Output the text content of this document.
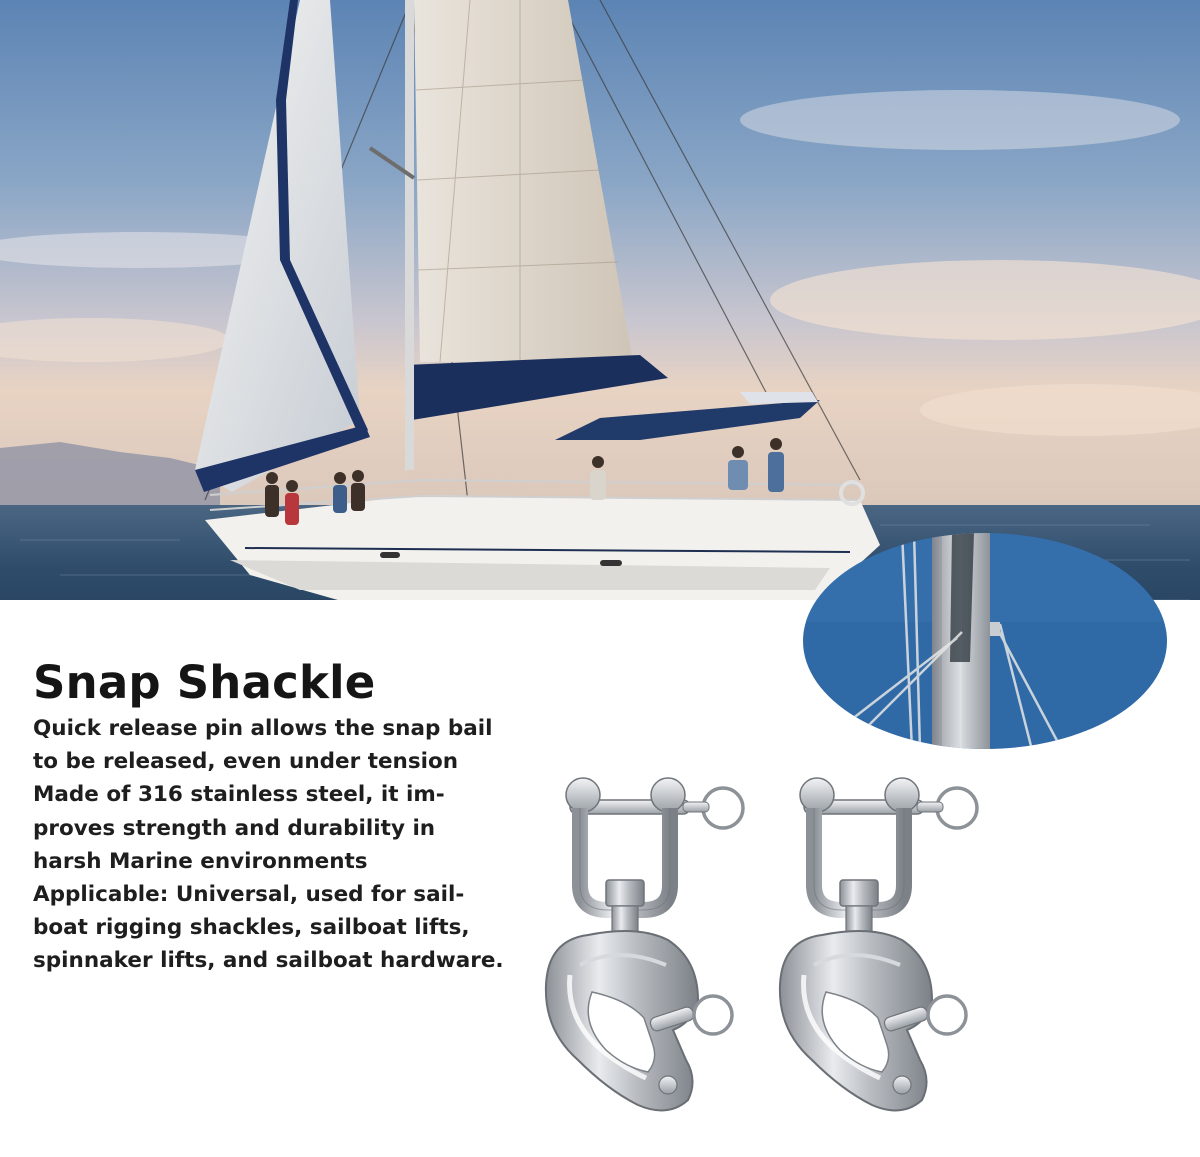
Snap Shackle
Quick release pin allows the snap bail
to be released, even under tension
Made of 316 stainless steel, it im-
proves strength and durability in
harsh Marine environments
Applicable: Universal, used for sail-
boat rigging shackles, sailboat lifts,
spinnaker lifts, and sailboat hardware.
